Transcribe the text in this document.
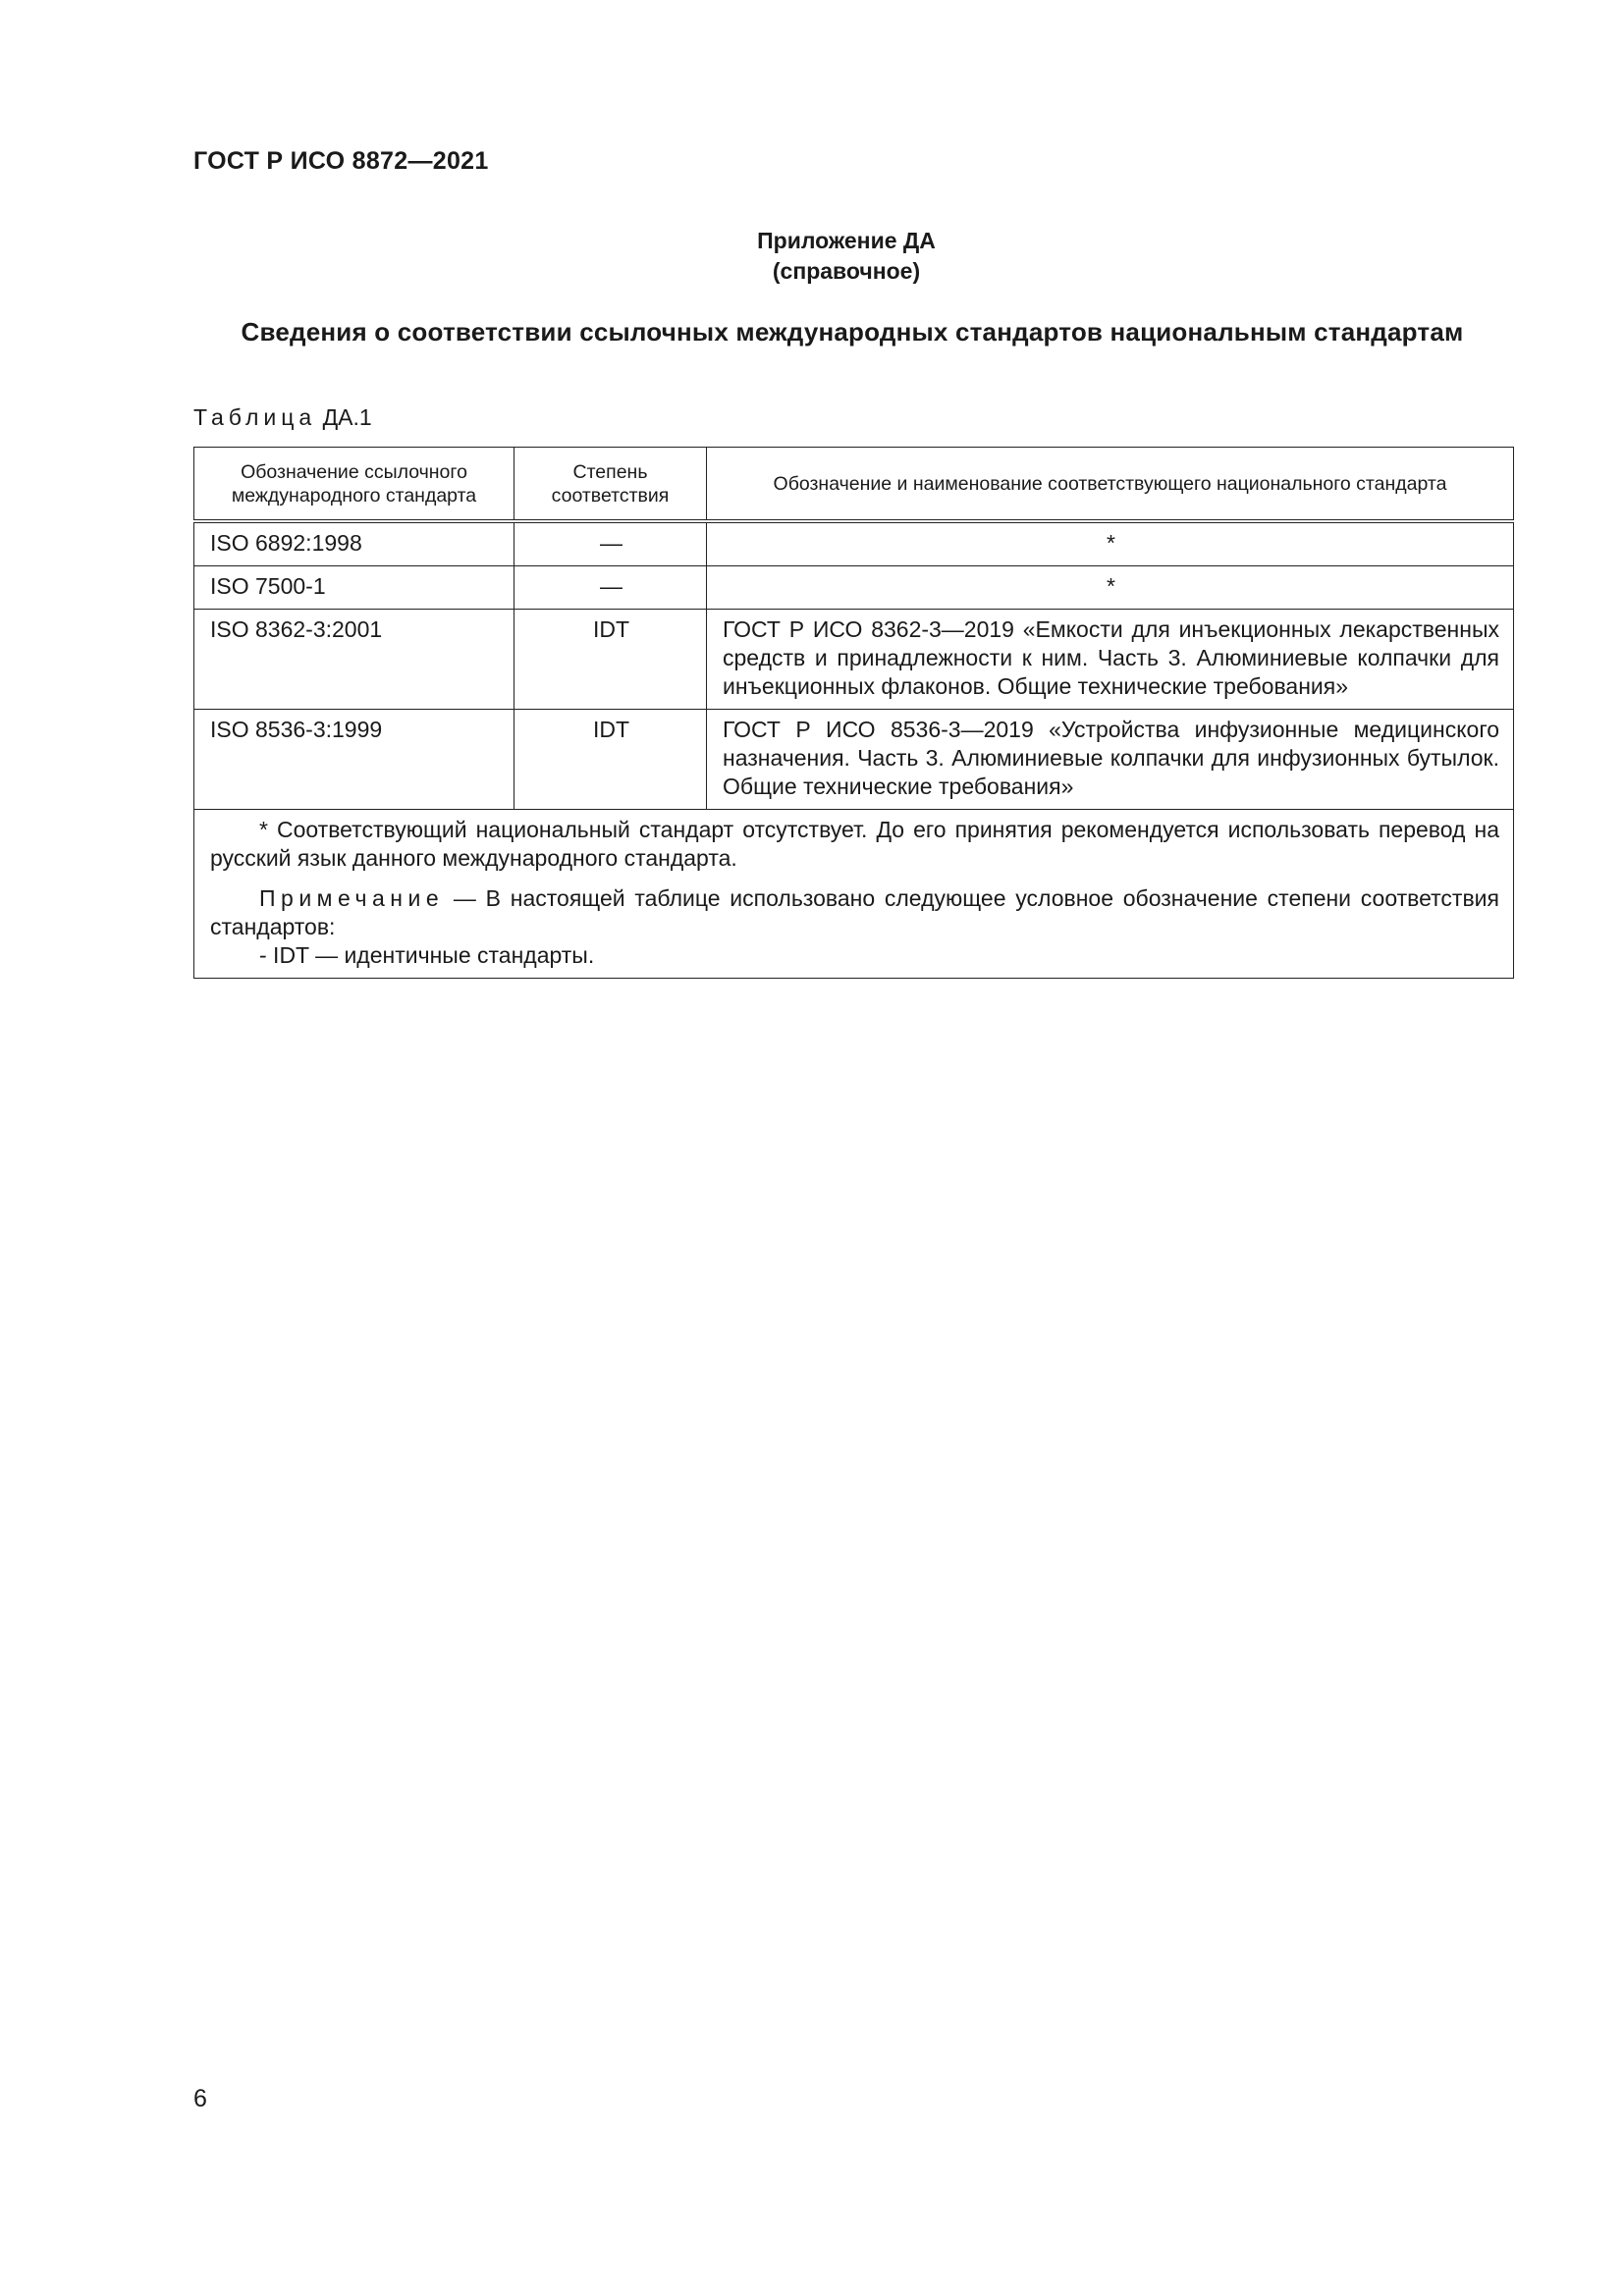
ГОСТ Р ИСО 8872—2021
Приложение ДА
(справочное)
Сведения о соответствии ссылочных международных стандартов национальным стандартам
Таблица ДА.1
Обозначение ссылочного международного стандарта	Степень соответствия	Обозначение и наименование соответствующего национального стандарта
ISO 6892:1998	—	*
ISO 7500-1	—	*
ISO 8362-3:2001	IDT	ГОСТ Р ИСО 8362-3—2019 «Емкости для инъекционных лекарственных средств и принадлежности к ним. Часть 3. Алюминиевые колпачки для инъекционных флаконов. Общие технические требования»
ISO 8536-3:1999	IDT	ГОСТ Р ИСО 8536-3—2019 «Устройства инфузионные медицинского назначения. Часть 3. Алюминиевые колпачки для инфузионных бутылок. Общие технические требования»

* Соответствующий национальный стандарт отсутствует. До его принятия рекомендуется использовать перевод на русский язык данного международного стандарта.

Примечание — В настоящей таблице использовано следующее условное обозначение степени соответствия стандартов:

- IDT — идентичные стандарты.		

6
